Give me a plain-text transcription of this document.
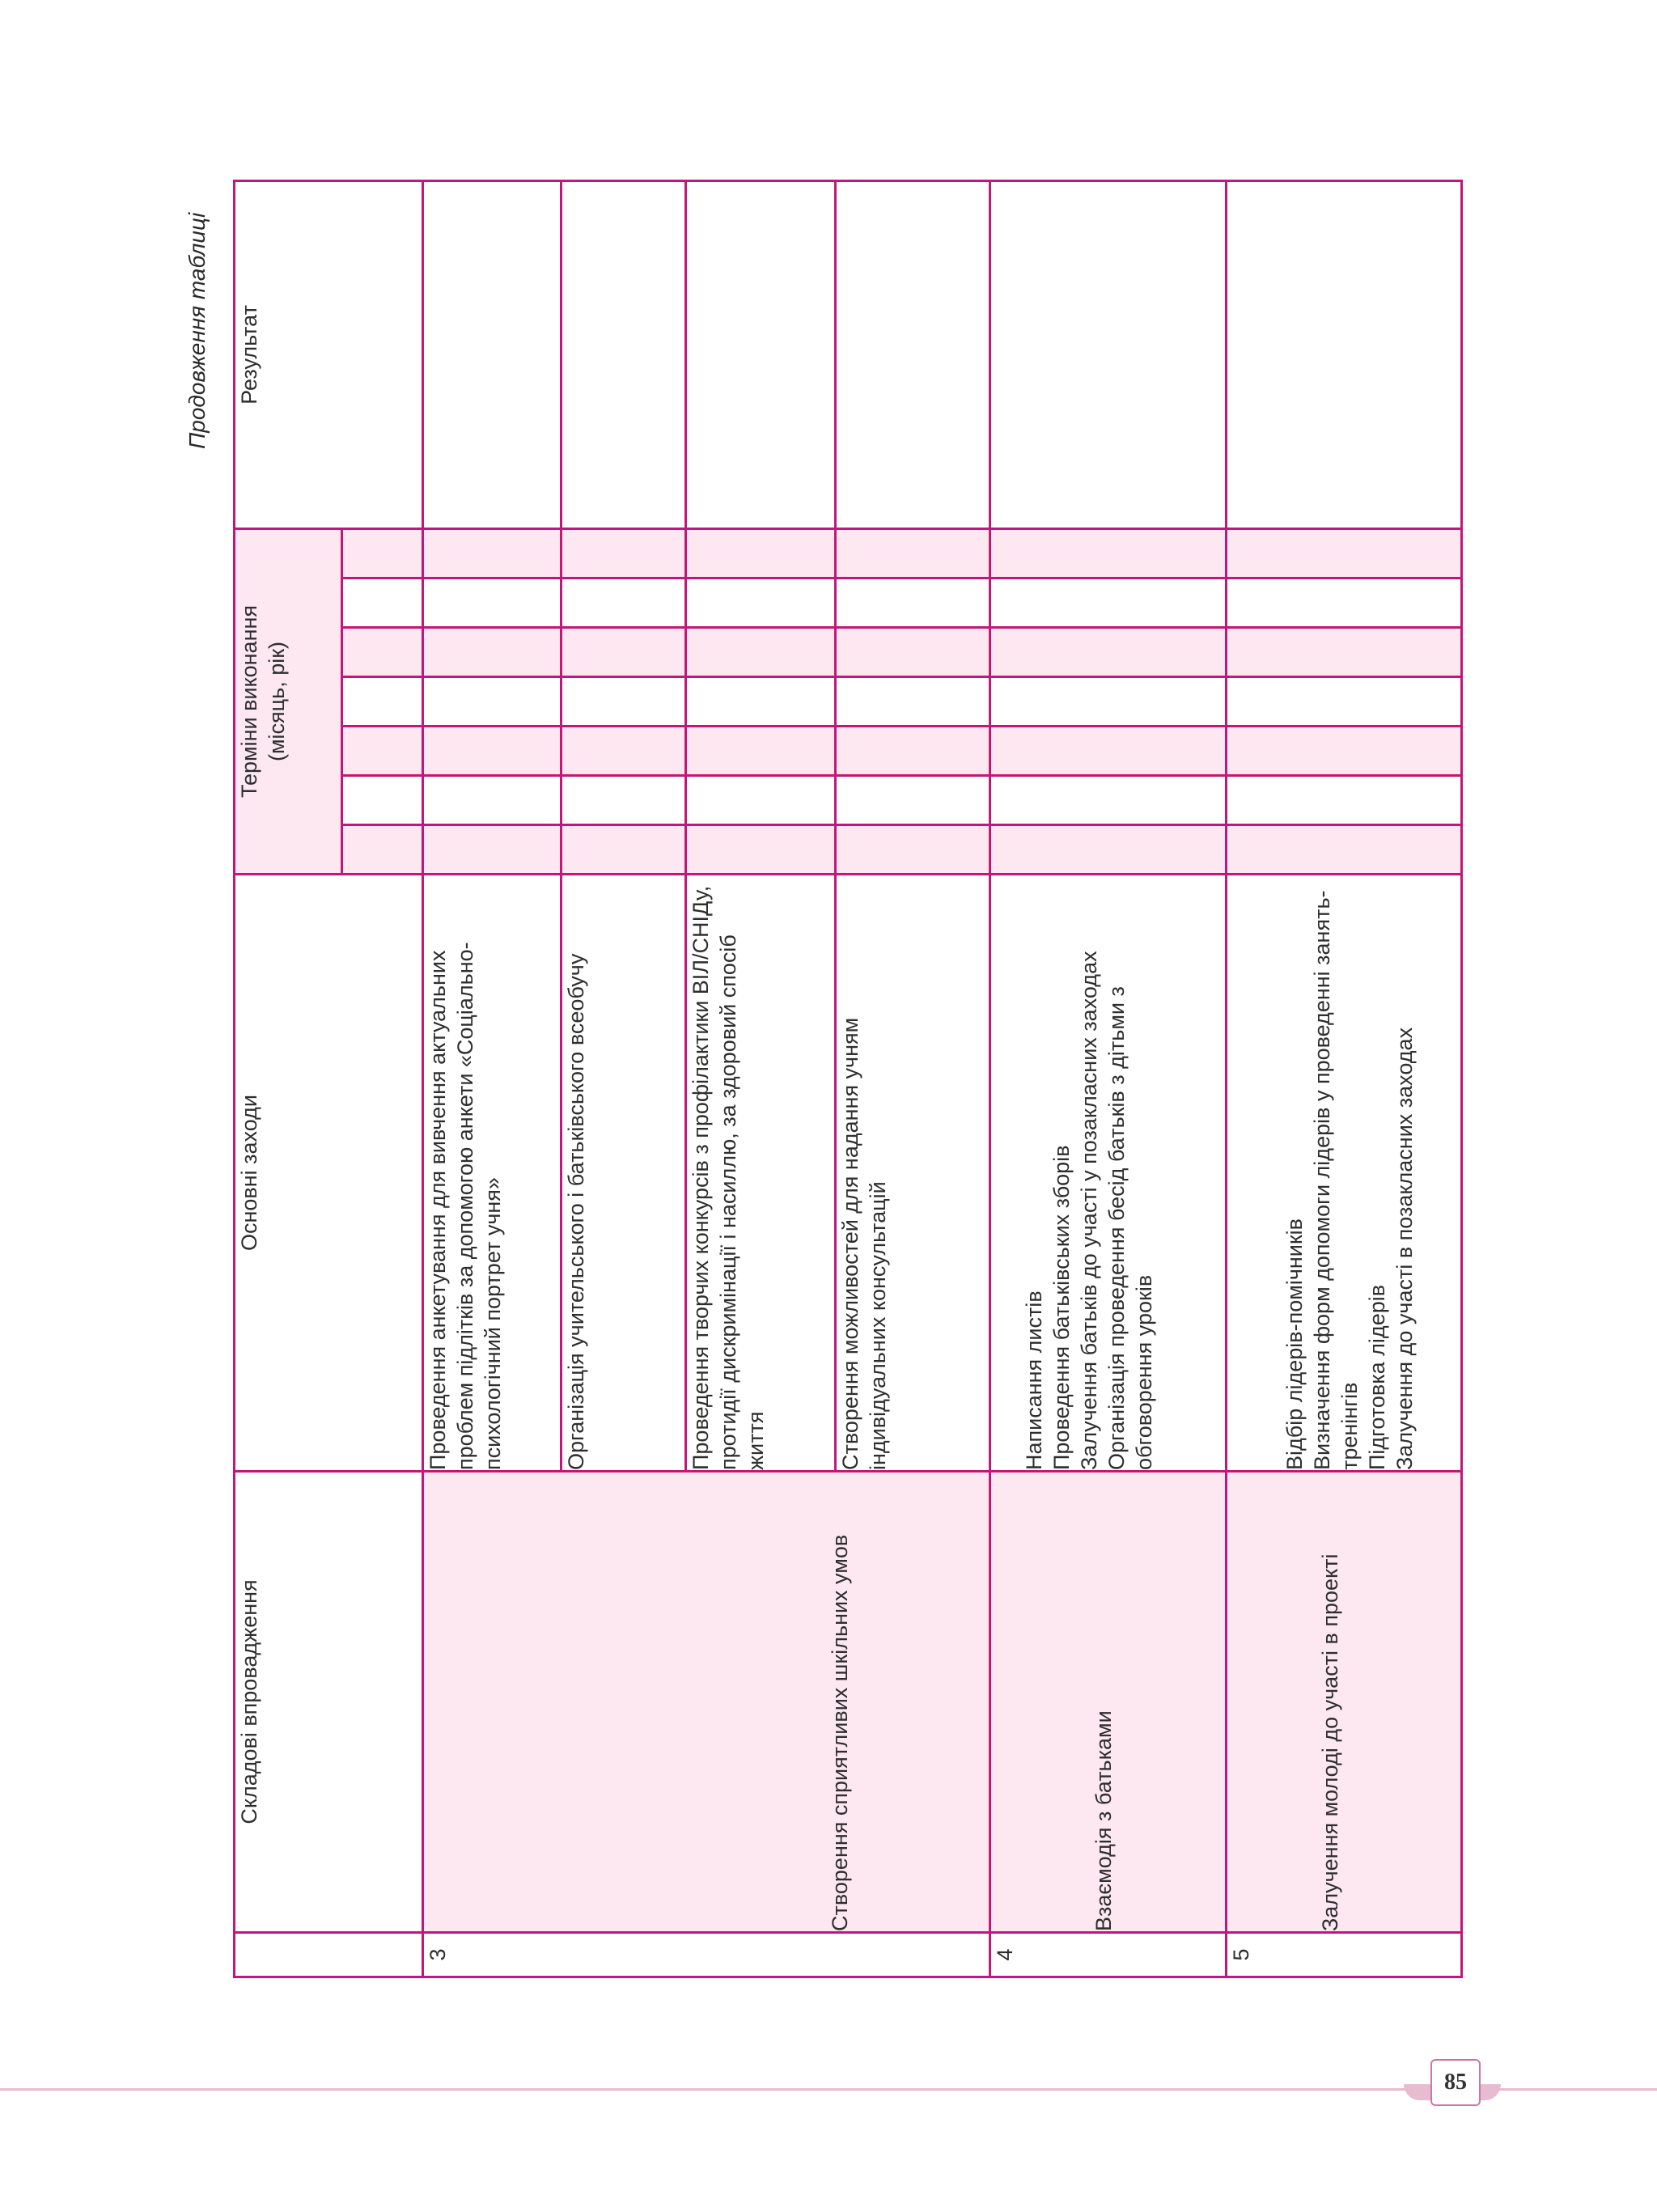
Продовження таблиці
	Складові впровадження	Основні заходи	Терміни виконання (місяць, рік)							Результат

3	Створення сприятливих шкільних умов	Проведення анкетування для вивчення актуальних проблем підлітків за допомогою анкети «Соціально-психологічний портрет учня»								
		Організація учительського і батьківського всеобучу								
		Проведення творчих конкурсів з профілактики ВІЛ/СНІДу, протидії дискримінації і насиллю, за здоровий спосіб життя								
		Створення можливостей для надання учням індивідуальних консультацій								
4	Взаємодія з батьками	Написання листів
Проведення батьківських зборів
Залучення батьків до участі у позакласних заходах
Організація проведення бесід батьків з дітьми з обговорення уроків								
5	Залучення молоді до участі в проекті	Відбір лідерів-помічників
Визначення форм допомоги лідерів у проведенні занять-тренінгів
Підготовка лідерів
Залучення до участі в позакласних заходах								
85
